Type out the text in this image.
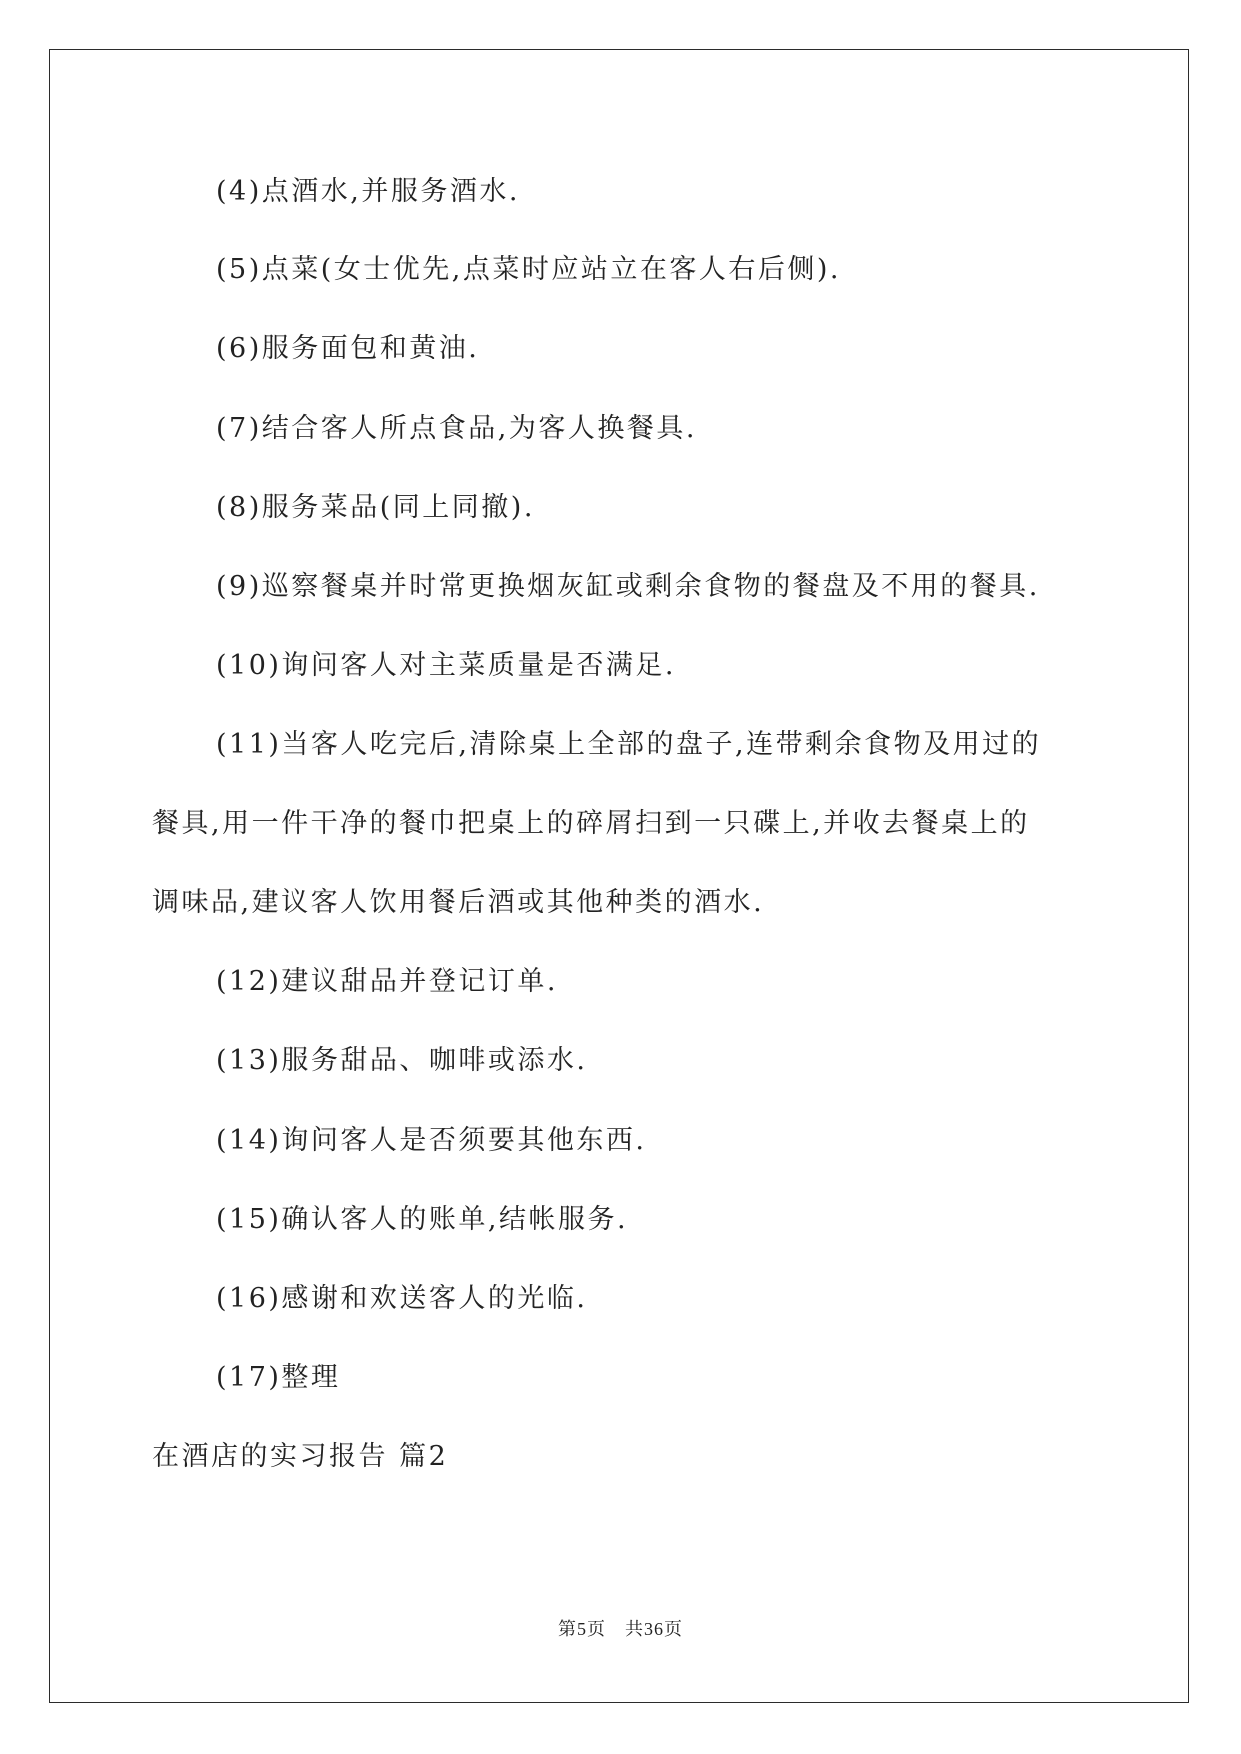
(4)点酒水,并服务酒水.

(5)点菜(女士优先,点菜时应站立在客人右后侧).

(6)服务面包和黄油.

(7)结合客人所点食品,为客人换餐具.

(8)服务菜品(同上同撤).

(9)巡察餐桌并时常更换烟灰缸或剩余食物的餐盘及不用的餐具.

(10)询问客人对主菜质量是否满足.

(11)当客人吃完后,清除桌上全部的盘子,连带剩余食物及用过的

餐具,用一件干净的餐巾把桌上的碎屑扫到一只碟上,并收去餐桌上的

调味品,建议客人饮用餐后酒或其他种类的酒水.

(12)建议甜品并登记订单.

(13)服务甜品、咖啡或添水.

(14)询问客人是否须要其他东西.

(15)确认客人的账单,结帐服务.

(16)感谢和欢送客人的光临.

(17)整理

在酒店的实习报告 篇2

第5页　共36页
